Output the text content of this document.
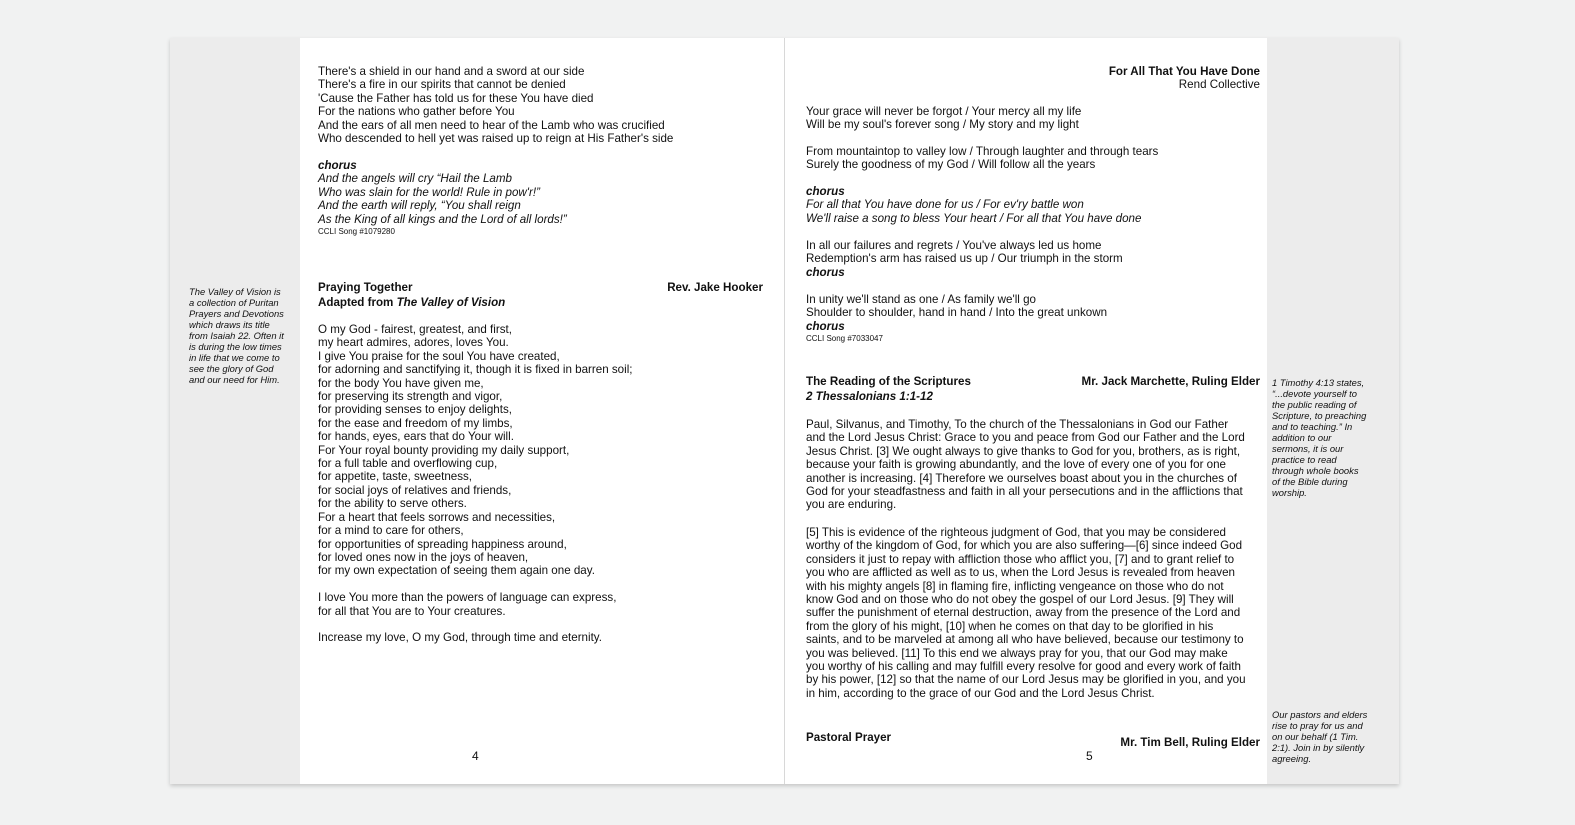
There's a shield in our hand and a sword at our side
There's a fire in our spirits that cannot be denied
'Cause the Father has told us for these You have died
For the nations who gather before You
And the ears of all men need to hear of the Lamb who was crucified
Who descended to hell yet was raised up to reign at His Father's side
chorus
And the angels will cry “Hail the Lamb
Who was slain for the world! Rule in pow'r!”
And the earth will reply, “You shall reign
As the King of all kings and the Lord of all lords!”
CCLI Song #1079280
Praying Together	Rev. Jake Hooker
Adapted from The Valley of Vision
O my God - fairest, greatest, and first,
my heart admires, adores, loves You.
I give You praise for the soul You have created,
for adorning and sanctifying it, though it is fixed in barren soil;
for the body You have given me,
for preserving its strength and vigor,
for providing senses to enjoy delights,
for the ease and freedom of my limbs,
for hands, eyes, ears that do Your will.
For Your royal bounty providing my daily support,
for a full table and overflowing cup,
for appetite, taste, sweetness,
for social joys of relatives and friends,
for the ability to serve others.
For a heart that feels sorrows and necessities,
for a mind to care for others,
for opportunities of spreading happiness around,
for loved ones now in the joys of heaven,
for my own expectation of seeing them again one day.
I love You more than the powers of language can express,
for all that You are to Your creatures.
Increase my love, O my God, through time and eternity.
4
The Valley of Vision is
a collection of Puritan
Prayers and Devotions
which draws its title
from Isaiah 22. Often it
is during the low times
in life that we come to
see the glory of God
and our need for Him.
For All That You Have Done
Rend Collective
Your grace will never be forgot / Your mercy all my life
Will be my soul's forever song / My story and my light
From mountaintop to valley low / Through laughter and through tears
Surely the goodness of my God / Will follow all the years
chorus
For all that You have done for us / For ev'ry battle won
We'll raise a song to bless Your heart / For all that You have done
In all our failures and regrets / You've always led us home
Redemption's arm has raised us up / Our triumph in the storm
chorus
In unity we'll stand as one / As family we'll go
Shoulder to shoulder, hand in hand / Into the great unkown
chorus
CCLI Song #7033047
The Reading of the Scriptures	Mr. Jack Marchette, Ruling Elder
2 Thessalonians 1:1-12
Paul, Silvanus, and Timothy, To the church of the Thessalonians in God our Father
and the Lord Jesus Christ: Grace to you and peace from God our Father and the Lord
Jesus Christ. [3] We ought always to give thanks to God for you, brothers, as is right,
because your faith is growing abundantly, and the love of every one of you for one
another is increasing. [4] Therefore we ourselves boast about you in the churches of
God for your steadfastness and faith in all your persecutions and in the afflictions that
you are enduring.
[5] This is evidence of the righteous judgment of God, that you may be considered
worthy of the kingdom of God, for which you are also suffering—[6] since indeed God
considers it just to repay with affliction those who afflict you, [7] and to grant relief to
you who are afflicted as well as to us, when the Lord Jesus is revealed from heaven
with his mighty angels [8] in flaming fire, inflicting vengeance on those who do not
know God and on those who do not obey the gospel of our Lord Jesus. [9] They will
suffer the punishment of eternal destruction, away from the presence of the Lord and
from the glory of his might, [10] when he comes on that day to be glorified in his
saints, and to be marveled at among all who have believed, because our testimony to
you was believed. [11] To this end we always pray for you, that our God may make
you worthy of his calling and may fulfill every resolve for good and every work of faith
by his power, [12] so that the name of our Lord Jesus may be glorified in you, and you
in him, according to the grace of our God and the Lord Jesus Christ.
Pastoral Prayer	Mr. Tim Bell, Ruling Elder
5
1 Timothy 4:13 states,
“...devote yourself to
the public reading of
Scripture, to preaching
and to teaching.” In
addition to our
sermons, it is our
practice to read
through whole books
of the Bible during
worship.
Our pastors and elders
rise to pray for us and
on our behalf (1 Tim.
2:1). Join in by silently
agreeing.
